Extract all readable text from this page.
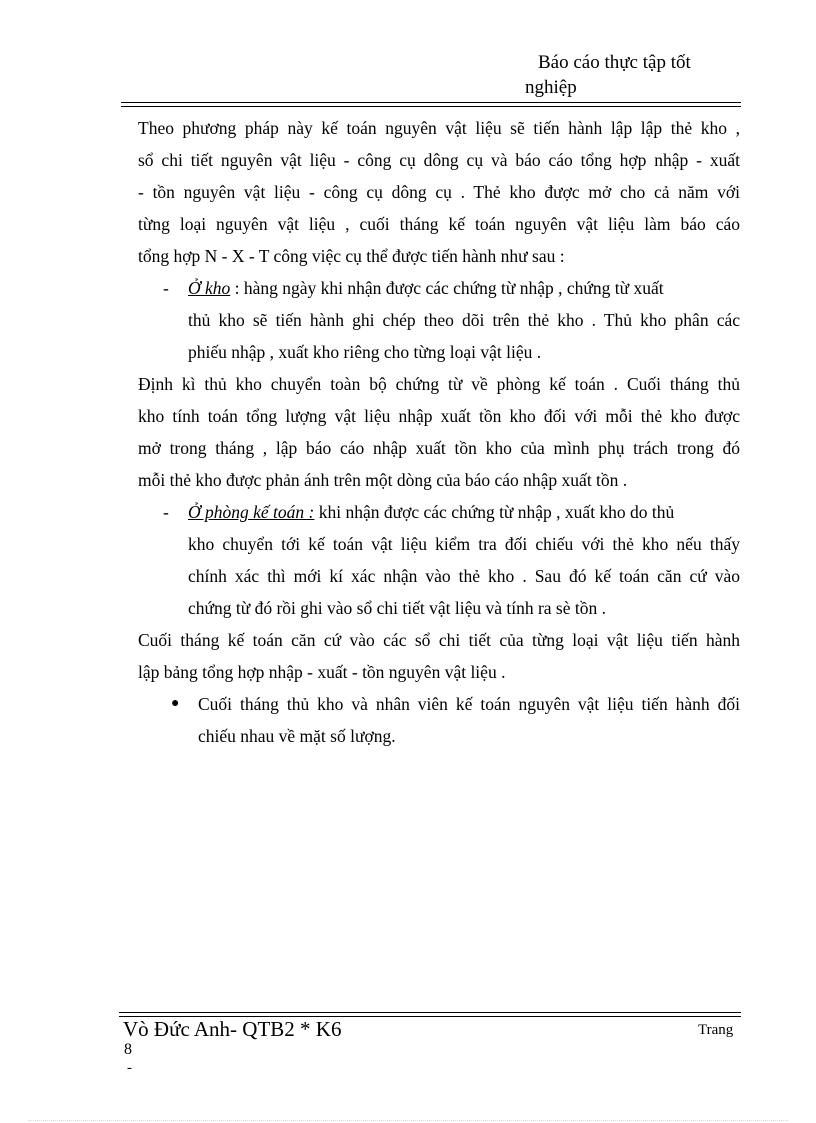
Báo cáo thực tập tốt
nghiệp
Theo phương pháp này kế toán nguyên vật liệu sẽ tiến hành lập lập thẻ kho ,
sổ chi tiết nguyên vật liệu - công cụ dông cụ và báo cáo tổng hợp nhập - xuất
- tồn nguyên vật liệu - công cụ dông cụ . Thẻ kho được mở cho cả năm với
từng loại nguyên vật liệu , cuối tháng kế toán nguyên vật liệu làm báo cáo
tổng hợp N - X - T công việc cụ thể được tiến hành như sau :
- Ở kho : hàng ngày khi nhận được các chứng từ nhập , chứng từ xuất
thủ kho sẽ tiến hành ghi chép theo dõi trên thẻ kho . Thủ kho phân các
phiếu nhập , xuất kho riêng cho từng loại vật liệu .
Định kì thủ kho chuyển toàn bộ chứng từ về phòng kế toán . Cuối tháng thủ
kho tính toán tổng lượng vật liệu nhập xuất tồn kho đối với mỗi thẻ kho được
mở trong tháng , lập báo cáo nhập xuất tồn kho của mình phụ trách trong đó
mỗi thẻ kho được phản ánh trên một dòng của báo cáo nhập xuất tồn .
- Ở phòng kế toán : khi nhận được các chứng từ nhập , xuất kho do thủ
kho chuyển tới kế toán vật liệu kiểm tra đối chiếu với thẻ kho nếu thấy
chính xác thì mới kí xác nhận vào thẻ kho . Sau đó kế toán căn cứ vào
chứng từ đó rồi ghi vào sổ chi tiết vật liệu và tính ra sè tồn .
Cuối tháng kế toán căn cứ vào các sổ chi tiết của từng loại vật liệu tiến hành
lập bảng tổng hợp nhập - xuất - tồn nguyên vật liệu .
● Cuối tháng thủ kho và nhân viên kế toán nguyên vật liệu tiến hành đối
chiếu nhau về mặt số lượng.
Vò Đức Anh- QTB2 * K6	Trang
8
-
